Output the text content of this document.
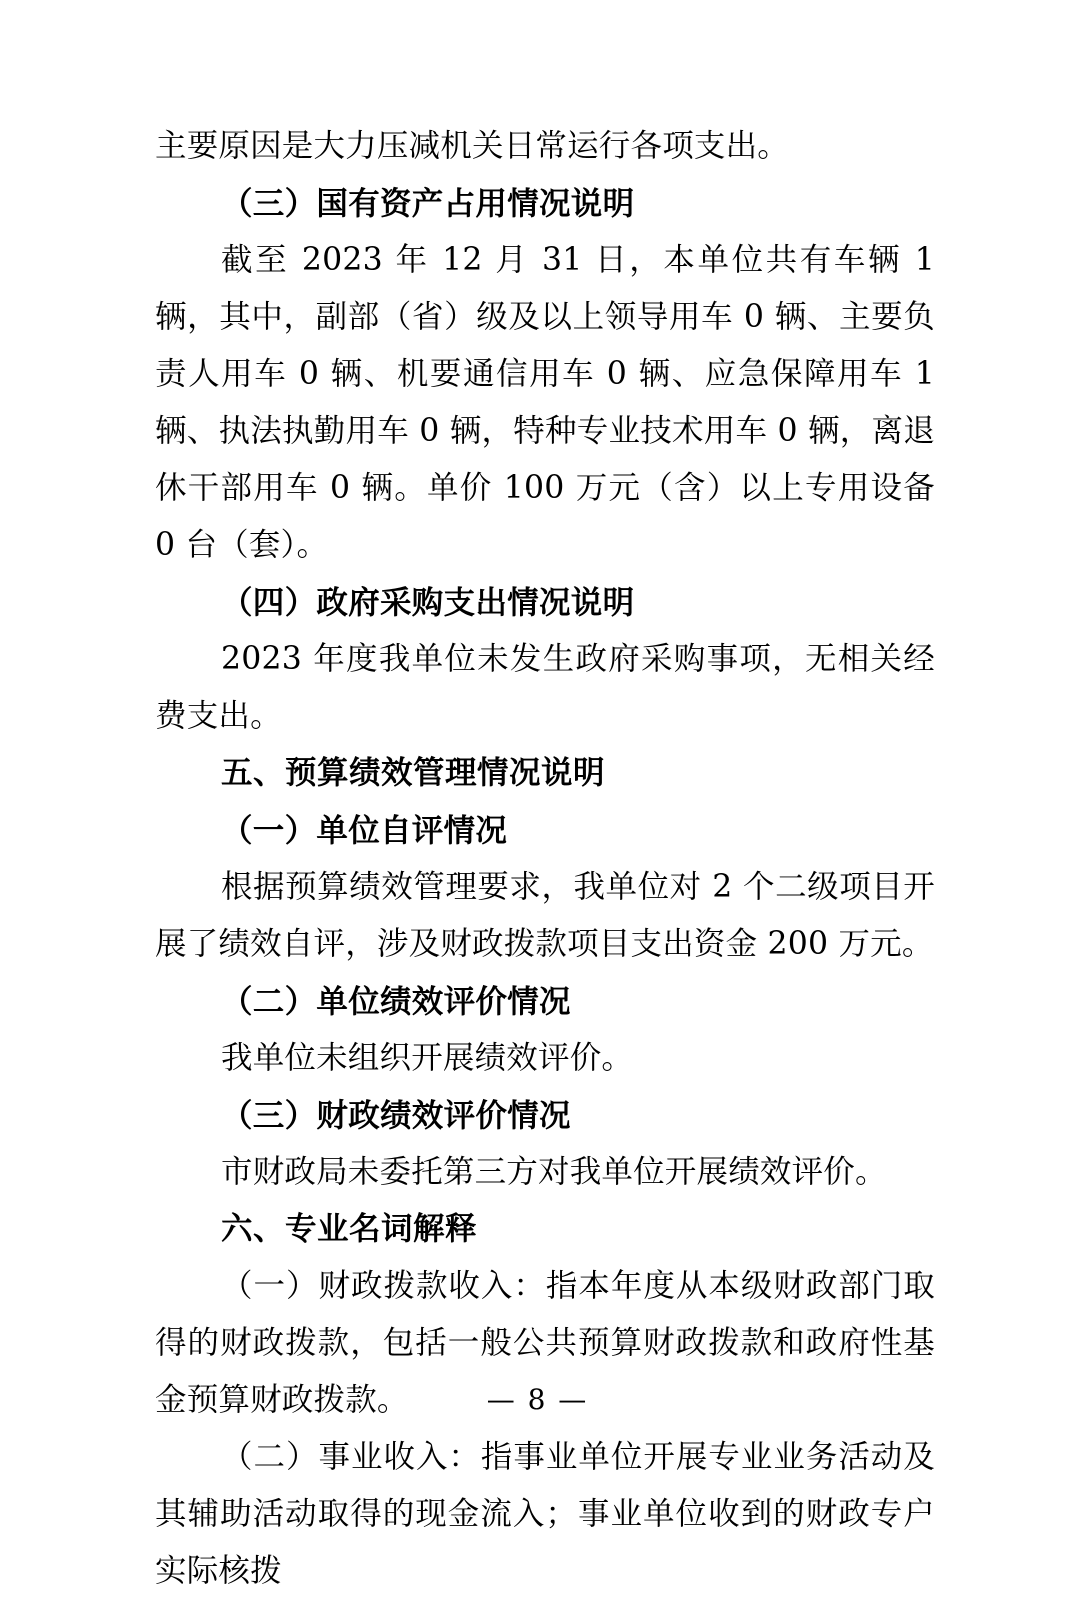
主要原因是大力压减机关日常运行各项支出。

（三）国有资产占用情况说明

截至 2023 年 12 月 31 日，本单位共有车辆 1 辆，其中，副部（省）级及以上领导用车 0 辆、主要负责人用车 0 辆、机要通信用车 0 辆、应急保障用车 1 辆、执法执勤用车 0 辆，特种专业技术用车 0 辆，离退休干部用车 0 辆。单价 100 万元（含）以上专用设备 0 台（套）。

（四）政府采购支出情况说明

2023 年度我单位未发生政府采购事项，无相关经费支出。

五、预算绩效管理情况说明

（一）单位自评情况

根据预算绩效管理要求，我单位对 2 个二级项目开展了绩效自评，涉及财政拨款项目支出资金 200 万元。

（二）单位绩效评价情况

我单位未组织开展绩效评价。

（三）财政绩效评价情况

市财政局未委托第三方对我单位开展绩效评价。

六、专业名词解释

（一）财政拨款收入：指本年度从本级财政部门取得的财政拨款，包括一般公共预算财政拨款和政府性基金预算财政拨款。

（二）事业收入：指事业单位开展专业业务活动及其辅助活动取得的现金流入；事业单位收到的财政专户实际核拨

— 8 —
